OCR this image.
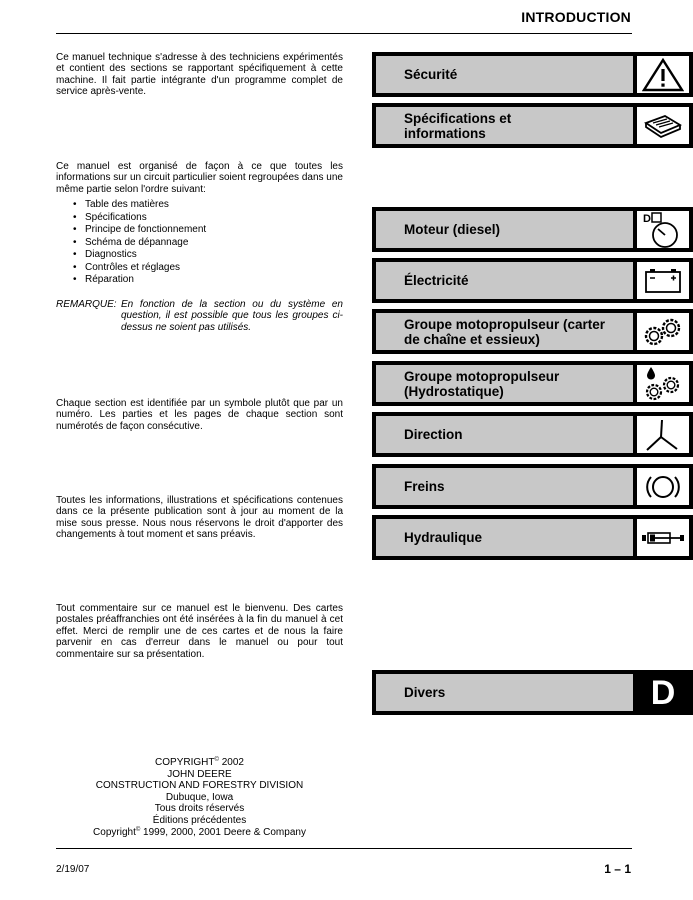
INTRODUCTION

Ce manuel technique s'adresse à des techniciens expérimentés et contient des sections se rapportant spécifiquement à cette machine. Il fait partie intégrante d'un programme complet de service après-vente.

Ce manuel est organisé de façon à ce que toutes les informations sur un circuit particulier soient regroupées dans une même partie selon l'ordre suivant:

• Table des matières
• Spécifications
• Principe de fonctionnement
• Schéma de dépannage
• Diagnostics
• Contrôles et réglages
• Réparation
REMARQUE: En fonction de la section ou du système en question, il est possible que tous les groupes ci-dessus ne soient pas utilisés.

Chaque section est identifiée par un symbole plutôt que par un numéro. Les parties et les pages de chaque section sont numérotés de façon consécutive.

Toutes les informations, illustrations et spécifications contenues dans ce la présente publication sont à jour au moment de la mise sous presse. Nous nous réservons le droit d'apporter des changements à tout moment et sans préavis.

Tout commentaire sur ce manuel est le bienvenu. Des cartes postales préaffranchies ont été insérées à la fin du manuel à cet effet. Merci de remplir une de ces cartes et de nous la faire parvenir en cas d'erreur dans le manuel ou pour tout commentaire sur sa présentation.

COPYRIGHT© 2002
JOHN DEERE
CONSTRUCTION AND FORESTRY DIVISION
Dubuque, Iowa
Tous droits réservés
Éditions précédentes
Copyright© 1999, 2000, 2001 Deere & Company
Sécurité
Spécifications et informations
Moteur (diesel)
D
Électricité
Groupe motopropulseur (carter de chaîne et essieux)
Groupe motopropulseur (Hydrostatique)
Direction
Freins
Hydraulique
Divers	D
2/19/07	1 – 1
